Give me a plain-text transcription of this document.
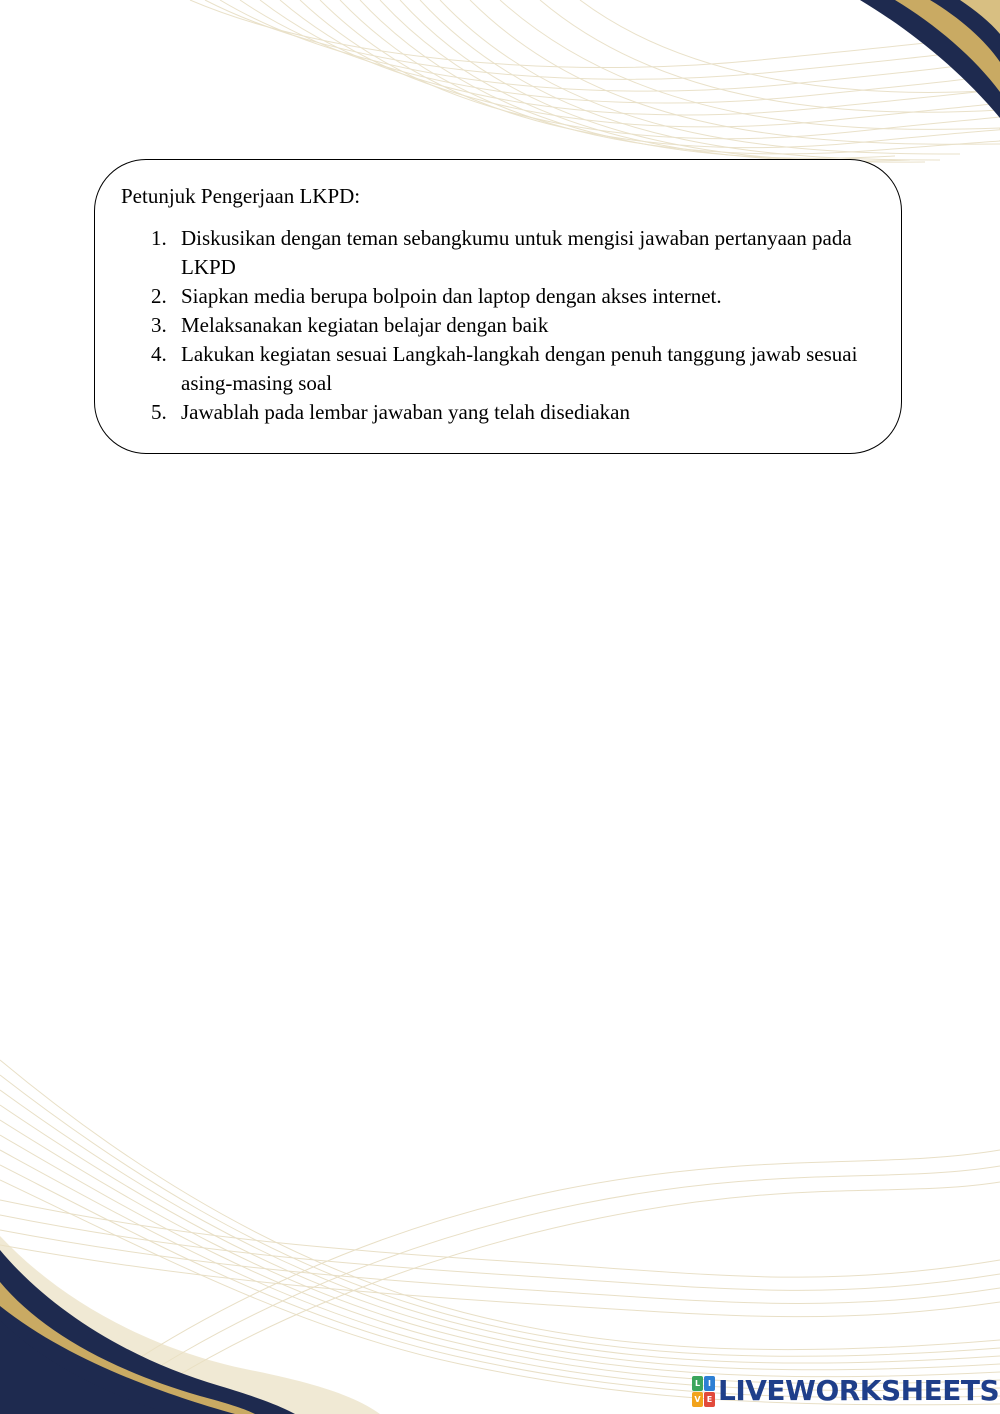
Petunjuk Pengerjaan LKPD:

1. Diskusikan dengan teman sebangkumu untuk mengisi jawaban pertanyaan pada LKPD
2. Siapkan media berupa bolpoin dan laptop dengan akses internet.
3. Melaksanakan kegiatan belajar dengan baik
4. Lakukan kegiatan sesuai Langkah-langkah dengan penuh tanggung jawab sesuai asing-masing soal
5. Jawablah pada lembar jawaban yang telah disediakan
L I
V E LIVEWORKSHEETS
